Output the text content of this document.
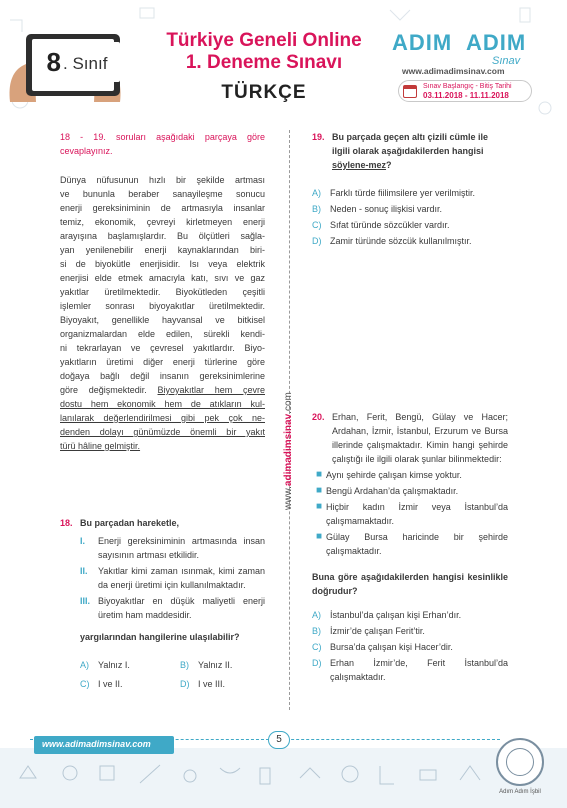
8 . Sınıf
Türkiye Geneli Online
1. Deneme Sınavı
TÜRKÇE
ADIM ADIM
Sınav
www.adimadimsinav.com
Sınav Başlangıç - Bitiş Tarihi
03.11.2018 - 11.11.2018
18 - 19. soruları aşağıdaki parçaya göre cevaplayınız.
Dünya nüfusunun hızlı bir şekilde artması
ve bununla beraber sanayileşme sonucu
enerji gereksiniminin de artmasıyla insanlar
temiz, ekonomik, çevreyi kirletmeyen enerji
arayışına başlamışlardır. Bu ölçütleri sağla-
yan yenilenebilir enerji kaynaklarından biri-
si de biyokütle enerjisidir. Isı veya elektrik
enerjisi elde etmek amacıyla katı, sıvı ve gaz
yakıtlar üretilmektedir. Biyokütleden çeşitli
işlemler sonrası biyoyakıtlar üretilmektedir.
Biyoyakıt, genellikle hayvansal ve bitkisel
organizmalardan elde edilen, sürekli kendi-
ni tekrarlayan ve çevresel yakıtlardır. Biyo-
yakıtların üretimi diğer enerji türlerine göre
doğaya bağlı değil insanın gereksinimlerine
göre değişmektedir. Biyoyakıtlar hem çevre
dostu hem ekonomik hem de atıkların kul-
lanılarak değerlendirilmesi gibi pek çok ne-
denden dolayı günümüzde önemli bir yakıt
türü hâline gelmiştir.
18. Bu parçadan hareketle,
I.	Enerji gereksiniminin artmasında insan sayısının artması etkilidir.
II.	Yakıtlar kimi zaman ısınmak, kimi zaman da enerji üretimi için kullanılmaktadır.
III. Biyoyakıtlar en düşük maliyetli enerji üretim ham maddesidir.
yargılarından hangilerine ulaşılabilir?
A)	Yalnız I.	B)	Yalnız II.
C) I ve II.	D) I ve III.
www.adimadimsinav.com
19. Bu parçada geçen altı çizili cümle ile ilgili olarak aşağıdakilerden hangisi söylene-mez?
A)	Farklı türde fiilimsilere yer verilmiştir.
B)	Neden - sonuç ilişkisi vardır.
C) Sıfat türünde sözcükler vardır.
D) Zamir türünde sözcük kullanılmıştır.
20. Erhan, Ferit, Bengü, Gülay ve Hacer; Ardahan, İzmir, İstanbul, Erzurum ve Bursa illerinde çalışmaktadır. Kimin hangi şehirde çalıştığı ile ilgili olarak şunlar bilinmektedir:
■ Aynı şehirde çalışan kimse yoktur.
■ Bengü Ardahan’da çalışmaktadır.
■ Hiçbir kadın İzmir veya İstanbul’da çalışmamaktadır.
■ Gülay Bursa haricinde bir şehirde çalışmaktadır.
Buna göre aşağıdakilerden hangisi kesinlikle doğrudur?
A)	İstanbul’da çalışan kişi Erhan’dır.
B)	İzmir’de çalışan Ferit’tir.
C) Bursa’da çalışan kişi Hacer’dir.
D) Erhan İzmir’de, Ferit İstanbul’da çalışmaktadır.
www.adimadimsinav.com	5
Adım Adım İşbil
